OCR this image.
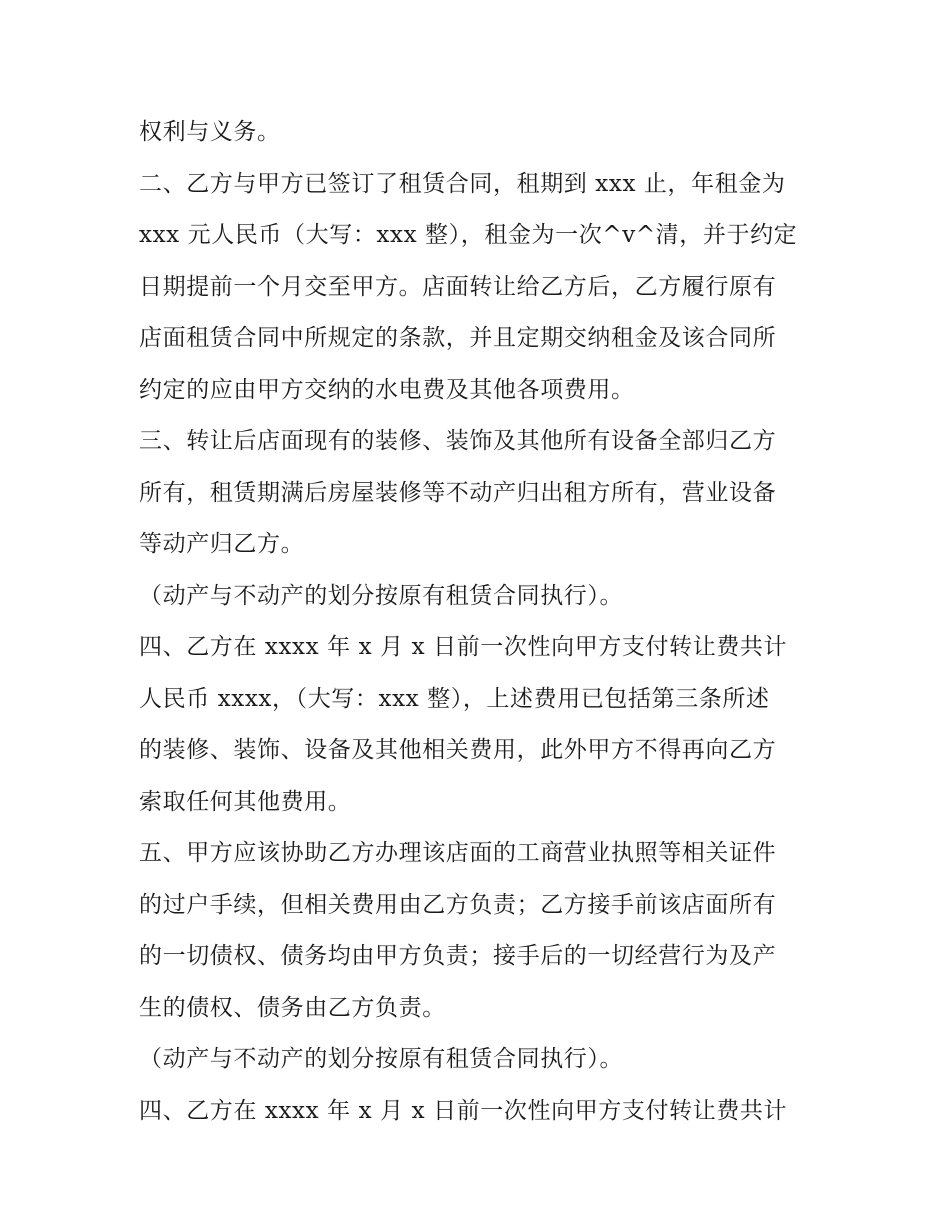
权利与义务。
二、乙方与甲方已签订了租赁合同，租期到 xxx 止，年租金为
xxx 元人民币（大写：xxx 整），租金为一次^v^清，并于约定
日期提前一个月交至甲方。店面转让给乙方后，乙方履行原有
店面租赁合同中所规定的条款，并且定期交纳租金及该合同所
约定的应由甲方交纳的水电费及其他各项费用。
三、转让后店面现有的装修、装饰及其他所有设备全部归乙方
所有，租赁期满后房屋装修等不动产归出租方所有，营业设备
等动产归乙方。
（动产与不动产的划分按原有租赁合同执行）。
四、乙方在 xxxx 年 x 月 x 日前一次性向甲方支付转让费共计
人民币 xxxx，（大写：xxx 整），上述费用已包括第三条所述
的装修、装饰、设备及其他相关费用，此外甲方不得再向乙方
索取任何其他费用。
五、甲方应该协助乙方办理该店面的工商营业执照等相关证件
的过户手续，但相关费用由乙方负责；乙方接手前该店面所有
的一切债权、债务均由甲方负责；接手后的一切经营行为及产
生的债权、债务由乙方负责。
（动产与不动产的划分按原有租赁合同执行）。
四、乙方在 xxxx 年 x 月 x 日前一次性向甲方支付转让费共计
